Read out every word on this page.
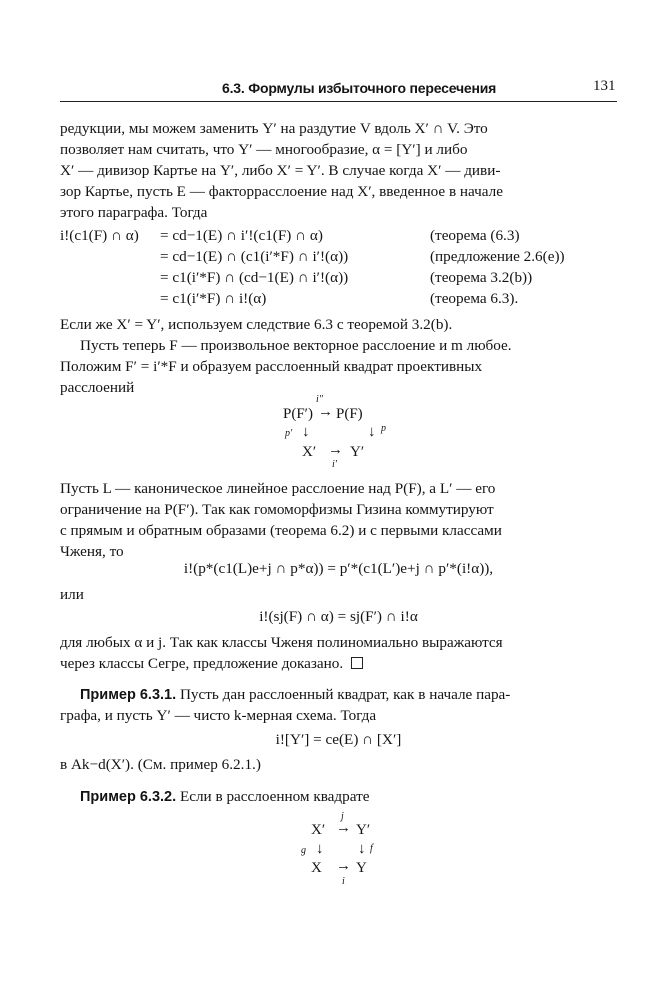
6.3. Формулы избыточного пересечения	131
редукции, мы можем заменить Y′ на раздутие V вдоль X′ ∩ V. Это
позволяет нам считать, что Y′ — многообразие, α = [Y′] и либо
X′ — дивизор Картье на Y′, либо X′ = Y′. В случае когда X′ — диви-
зор Картье, пусть E — факторрасслоение над X′, введенное в начале
этого параграфа. Тогда
i!(c1(F) ∩ α) = cd−1(E) ∩ i′!(c1(F) ∩ α)	(теорема (6.3)
= cd−1(E) ∩ (c1(i′*F) ∩ i′!(α))	(предложение 2.6(e))
= c1(i′*F) ∩ (cd−1(E) ∩ i′!(α))	(теорема 3.2(b))
= c1(i′*F) ∩ i!(α)	(теорема 6.3).
Если же X′ = Y′, используем следствие 6.3 с теоремой 3.2(b).
Пусть теперь F — произвольное векторное расслоение и m любое.
Положим F′ = i′*F и образуем расслоенный квадрат проективных
расслоений
i″
P(F′) → P(F)
p′ ↓	↓ p
X′ → Y′
i′
Пусть L — каноническое линейное расслоение над P(F), а L′ — его
ограничение на P(F′). Так как гомоморфизмы Гизина коммутируют
с прямым и обратным образами (теорема 6.2) и с первыми классами
Чженя, то
i!(p*(c1(L)e+j ∩ p*α)) = p′*(c1(L′)e+j ∩ p′*(i!α)),
или
i!(sj(F) ∩ α) = sj(F′) ∩ i!α
для любых α и j. Так как классы Чженя полиномиально выражаются
через классы Сегре, предложение доказано.
Пример 6.3.1. Пусть дан расслоенный квадрат, как в начале пара-
графа, и пусть Y′ — чисто k-мерная схема. Тогда
i![Y′] = ce(E) ∩ [X′]
в Ak−d(X′). (См. пример 6.2.1.)
Пример 6.3.2. Если в расслоенном квадрате
j
X′ → Y′
g ↓ ↓ f
X → Y
i
